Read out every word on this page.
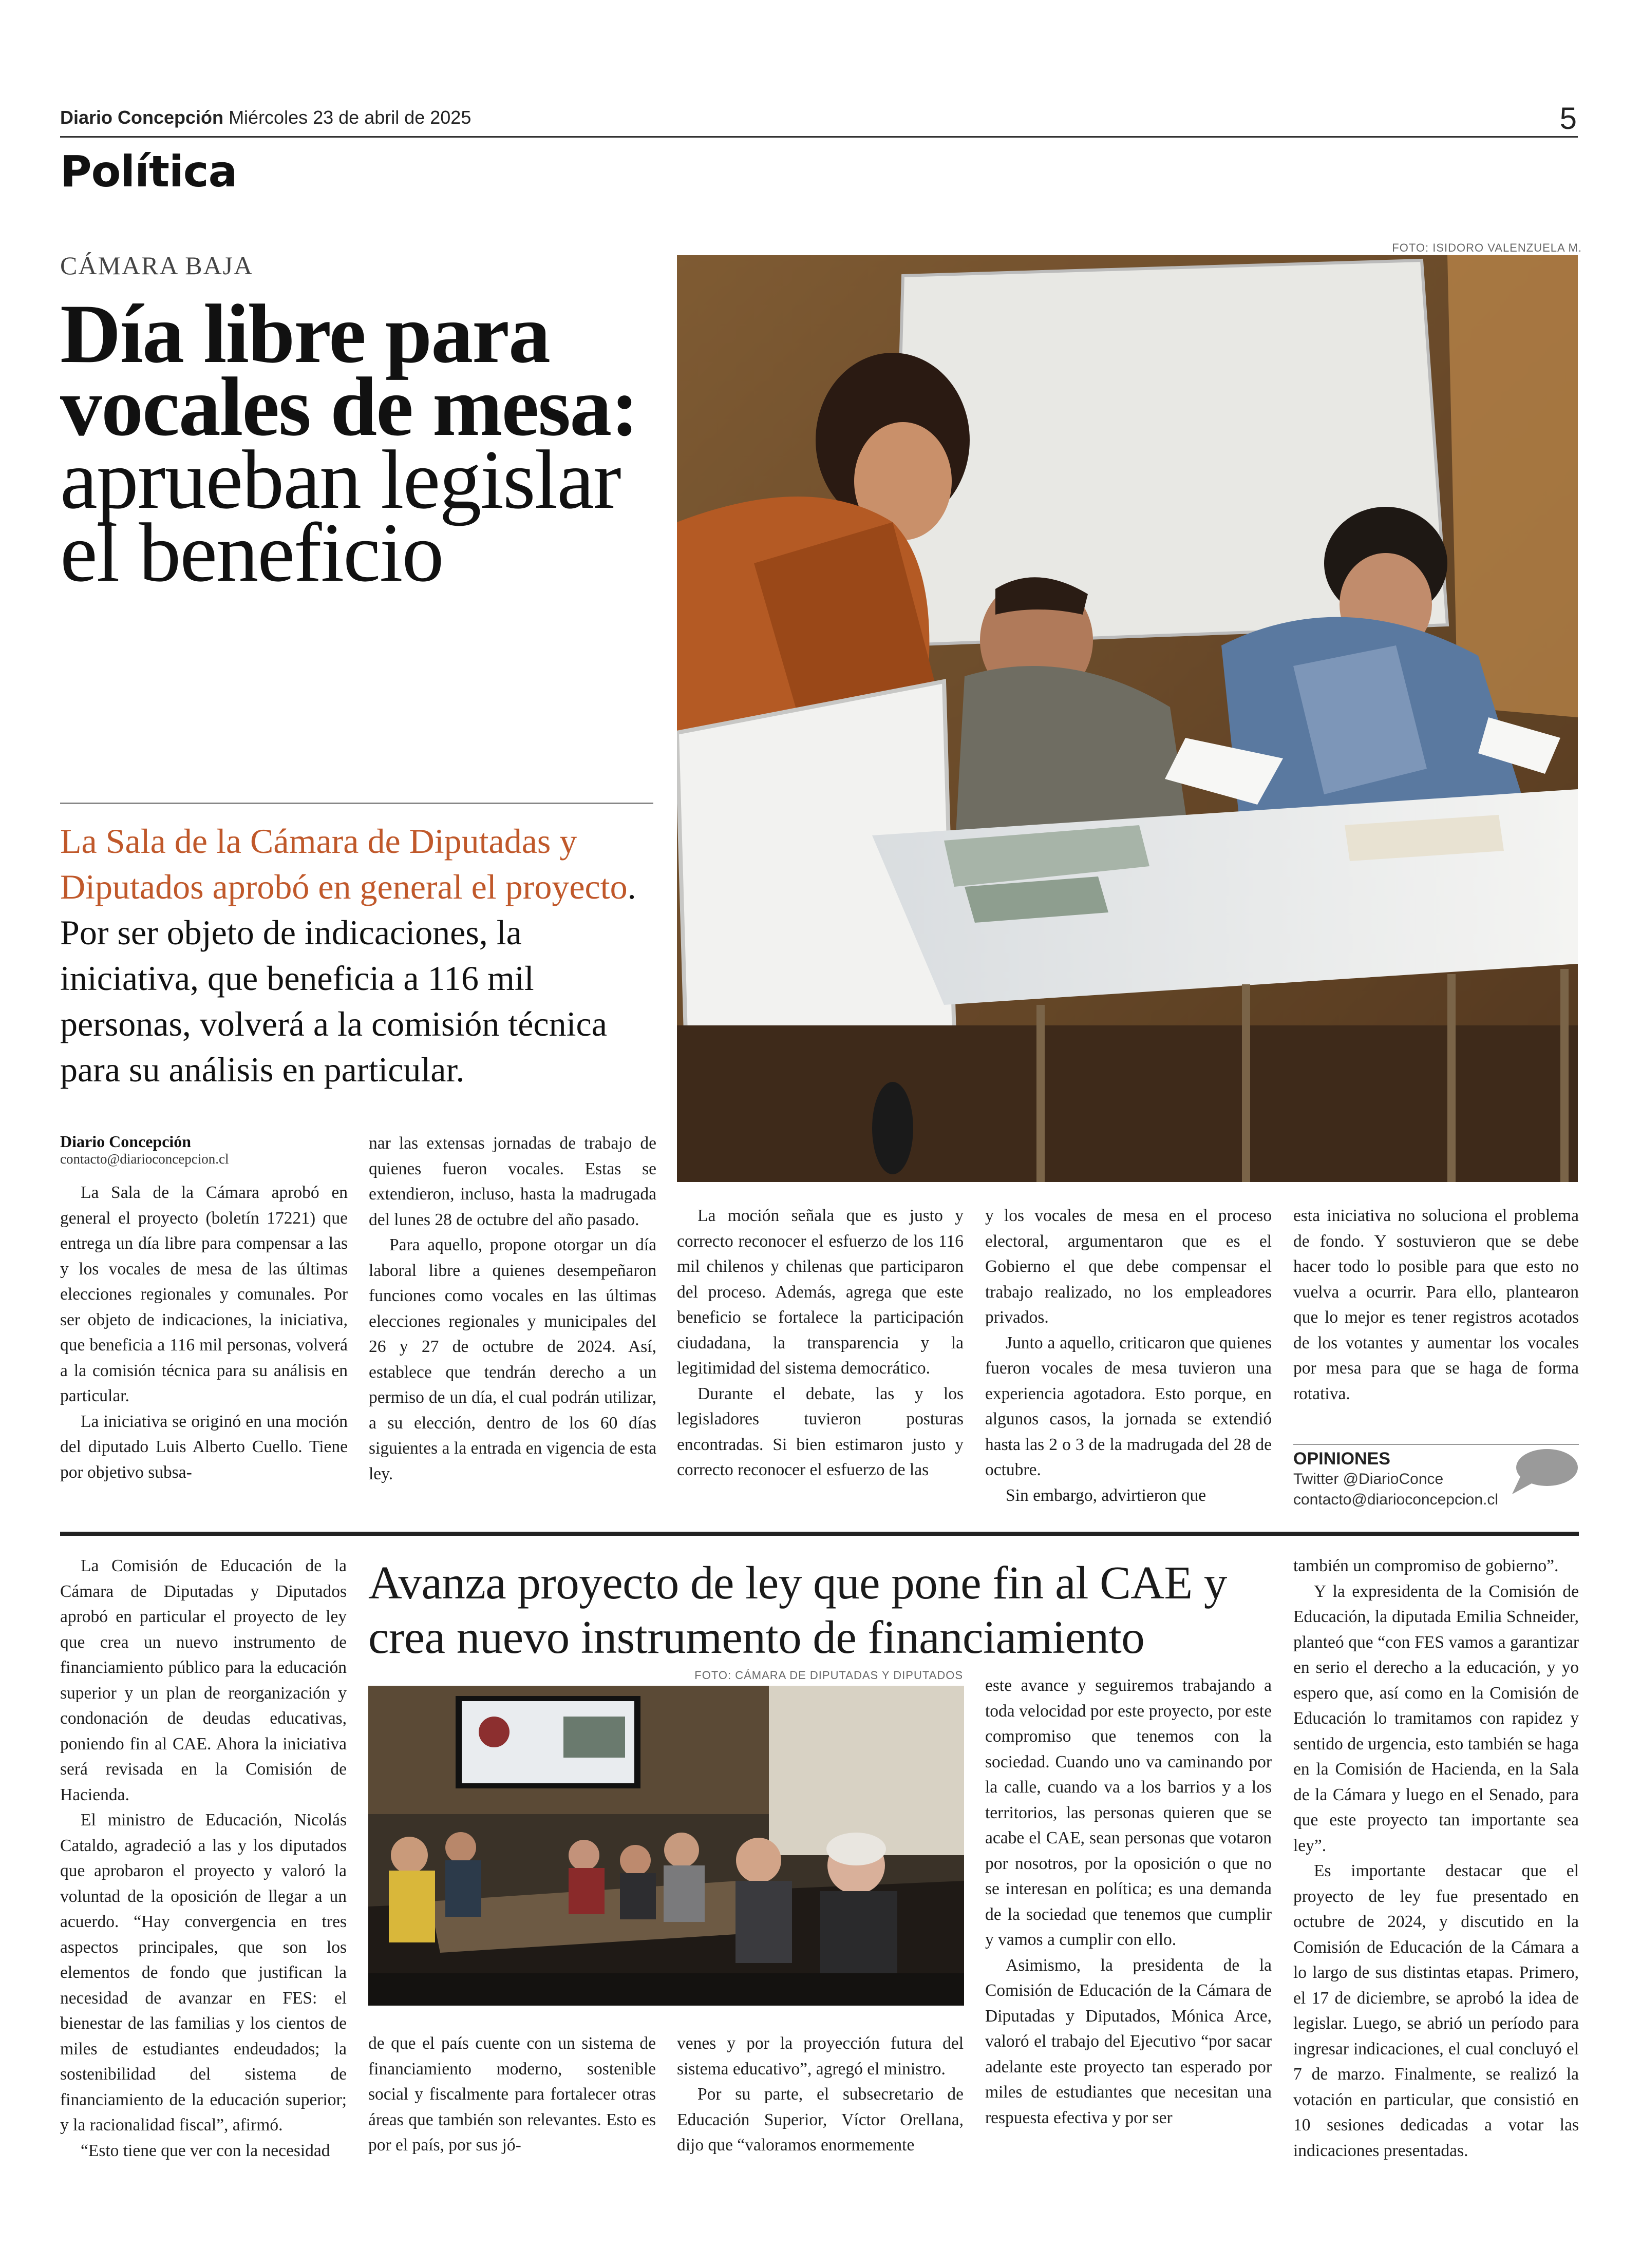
Diario Concepción Miércoles 23 de abril de 2025	5
Política
CÁMARA BAJA
Día libre para vocales de mesa: aprueban legislar el beneficio
La Sala de la Cámara de Diputadas y Diputados aprobó en general el proyecto. Por ser objeto de indicaciones, la iniciativa, que beneficia a 116 mil personas, volverá a la comisión técnica para su análisis en particular.
FOTO: ISIDORO VALENZUELA M.
Diario Concepción
contacto@diarioconcepcion.cl

La Sala de la Cámara aprobó en general el proyecto (boletín 17221) que entrega un día libre para compensar a las y los vocales de mesa de las últimas elecciones regionales y comunales. Por ser objeto de indicaciones, la iniciativa, que beneficia a 116 mil personas, volverá a la comisión técnica para su análisis en particular.

La iniciativa se originó en una moción del diputado Luis Alberto Cuello. Tiene por objetivo subsa-

nar las extensas jornadas de trabajo de quienes fueron vocales. Estas se extendieron, incluso, hasta la madrugada del lunes 28 de octubre del año pasado.

Para aquello, propone otorgar un día laboral libre a quienes desempeñaron funciones como vocales en las últimas elecciones regionales y municipales del 26 y 27 de octubre de 2024. Así, establece que tendrán derecho a un permiso de un día, el cual podrán utilizar, a su elección, dentro de los 60 días siguientes a la entrada en vigencia de esta ley.

La moción señala que es justo y correcto reconocer el esfuerzo de los 116 mil chilenos y chilenas que participaron del proceso. Además, agrega que este beneficio se fortalece la participación ciudadana, la transparencia y la legitimidad del sistema democrático.

Durante el debate, las y los legisladores tuvieron posturas encontradas. Si bien estimaron justo y correcto reconocer el esfuerzo de las

y los vocales de mesa en el proceso electoral, argumentaron que es el Gobierno el que debe compensar el trabajo realizado, no los empleadores privados.

Junto a aquello, criticaron que quienes fueron vocales de mesa tuvieron una experiencia agotadora. Esto porque, en algunos casos, la jornada se extendió hasta las 2 o 3 de la madrugada del 28 de octubre.

Sin embargo, advirtieron que

esta iniciativa no soluciona el problema de fondo. Y sostuvieron que se debe hacer todo lo posible para que esto no vuelva a ocurrir. Para ello, plantearon que lo mejor es tener registros acotados de los votantes y aumentar los vocales por mesa para que se haga de forma rotativa.

OPINIONES
Twitter @DiarioConce
contacto@diarioconcepcion.cl

La Comisión de Educación de la Cámara de Diputadas y Diputados aprobó en particular el proyecto de ley que crea un nuevo instrumento de financiamiento público para la educación superior y un plan de reorganización y condonación de deudas educativas, poniendo fin al CAE. Ahora la iniciativa será revisada en la Comisión de Hacienda.

El ministro de Educación, Nicolás Cataldo, agradeció a las y los diputados que aprobaron el proyecto y valoró la voluntad de la oposición de llegar a un acuerdo. “Hay convergencia en tres aspectos principales, que son los elementos de fondo que justifican la necesidad de avanzar en FES: el bienestar de las familias y los cientos de miles de estudiantes endeudados; la sostenibilidad del sistema de financiamiento de la educación superior; y la racionalidad fiscal”, afirmó.

“Esto tiene que ver con la necesidad

Avanza proyecto de ley que pone fin al CAE y crea nuevo instrumento de financiamiento
FOTO: CÁMARA DE DIPUTADAS Y DIPUTADOS

de que el país cuente con un sistema de financiamiento moderno, sostenible social y fiscalmente para fortalecer otras áreas que también son relevantes. Esto es por el país, por sus jó-

venes y por la proyección futura del sistema educativo”, agregó el ministro.

Por su parte, el subsecretario de Educación Superior, Víctor Orellana, dijo que “valoramos enormemente

este avance y seguiremos trabajando a toda velocidad por este proyecto, por este compromiso que tenemos con la sociedad. Cuando uno va caminando por la calle, cuando va a los barrios y a los territorios, las personas quieren que se acabe el CAE, sean personas que votaron por nosotros, por la oposición o que no se interesan en política; es una demanda de la sociedad que tenemos que cumplir y vamos a cumplir con ello.

Asimismo, la presidenta de la Comisión de Educación de la Cámara de Diputadas y Diputados, Mónica Arce, valoró el trabajo del Ejecutivo “por sacar adelante este proyecto tan esperado por miles de estudiantes que necesitan una respuesta efectiva y por ser

también un compromiso de gobierno”.

Y la expresidenta de la Comisión de Educación, la diputada Emilia Schneider, planteó que “con FES vamos a garantizar en serio el derecho a la educación, y yo espero que, así como en la Comisión de Educación lo tramitamos con rapidez y sentido de urgencia, esto también se haga en la Comisión de Hacienda, en la Sala de la Cámara y luego en el Senado, para que este proyecto tan importante sea ley”.

Es importante destacar que el proyecto de ley fue presentado en octubre de 2024, y discutido en la Comisión de Educación de la Cámara a lo largo de sus distintas etapas. Primero, el 17 de diciembre, se aprobó la idea de legislar. Luego, se abrió un período para ingresar indicaciones, el cual concluyó el 7 de marzo. Finalmente, se realizó la votación en particular, que consistió en 10 sesiones dedicadas a votar las indicaciones presentadas.
